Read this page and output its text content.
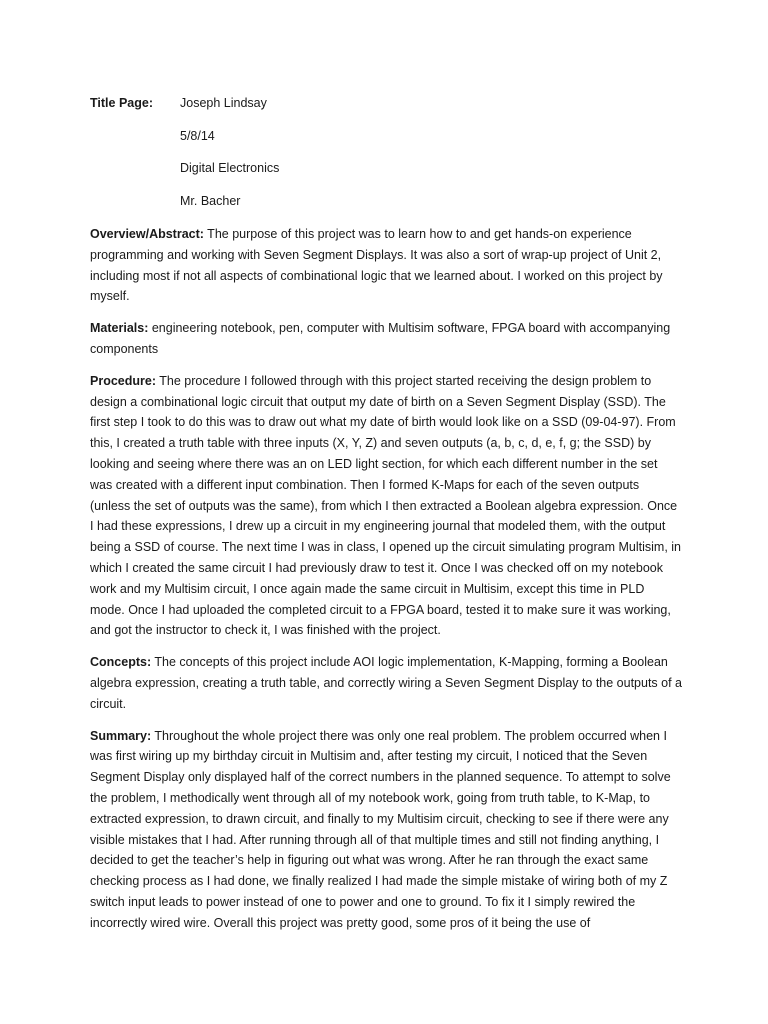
Title Page: Joseph Lindsay
5/8/14
Digital Electronics
Mr. Bacher

Overview/Abstract: The purpose of this project was to learn how to and get hands-on experience programming and working with Seven Segment Displays. It was also a sort of wrap-up project of Unit 2, including most if not all aspects of combinational logic that we learned about. I worked on this project by myself.

Materials: engineering notebook, pen, computer with Multisim software, FPGA board with accompanying components

Procedure: The procedure I followed through with this project started receiving the design problem to design a combinational logic circuit that output my date of birth on a Seven Segment Display (SSD). The first step I took to do this was to draw out what my date of birth would look like on a SSD (09-04-97). From this, I created a truth table with three inputs (X, Y, Z) and seven outputs (a, b, c, d, e, f, g; the SSD) by looking and seeing where there was an on LED light section, for which each different number in the set was created with a different input combination. Then I formed K-Maps for each of the seven outputs (unless the set of outputs was the same), from which I then extracted a Boolean algebra expression. Once I had these expressions, I drew up a circuit in my engineering journal that modeled them, with the output being a SSD of course. The next time I was in class, I opened up the circuit simulating program Multisim, in which I created the same circuit I had previously draw to test it. Once I was checked off on my notebook work and my Multisim circuit, I once again made the same circuit in Multisim, except this time in PLD mode. Once I had uploaded the completed circuit to a FPGA board, tested it to make sure it was working, and got the instructor to check it, I was finished with the project.

Concepts: The concepts of this project include AOI logic implementation, K-Mapping, forming a Boolean algebra expression, creating a truth table, and correctly wiring a Seven Segment Display to the outputs of a circuit.

Summary: Throughout the whole project there was only one real problem. The problem occurred when I was first wiring up my birthday circuit in Multisim and, after testing my circuit, I noticed that the Seven Segment Display only displayed half of the correct numbers in the planned sequence. To attempt to solve the problem, I methodically went through all of my notebook work, going from truth table, to K-Map, to extracted expression, to drawn circuit, and finally to my Multisim circuit, checking to see if there were any visible mistakes that I had. After running through all of that multiple times and still not finding anything, I decided to get the teacher’s help in figuring out what was wrong. After he ran through the exact same checking process as I had done, we finally realized I had made the simple mistake of wiring both of my Z switch input leads to power instead of one to power and one to ground. To fix it I simply rewired the incorrectly wired wire. Overall this project was pretty good, some pros of it being the use of
